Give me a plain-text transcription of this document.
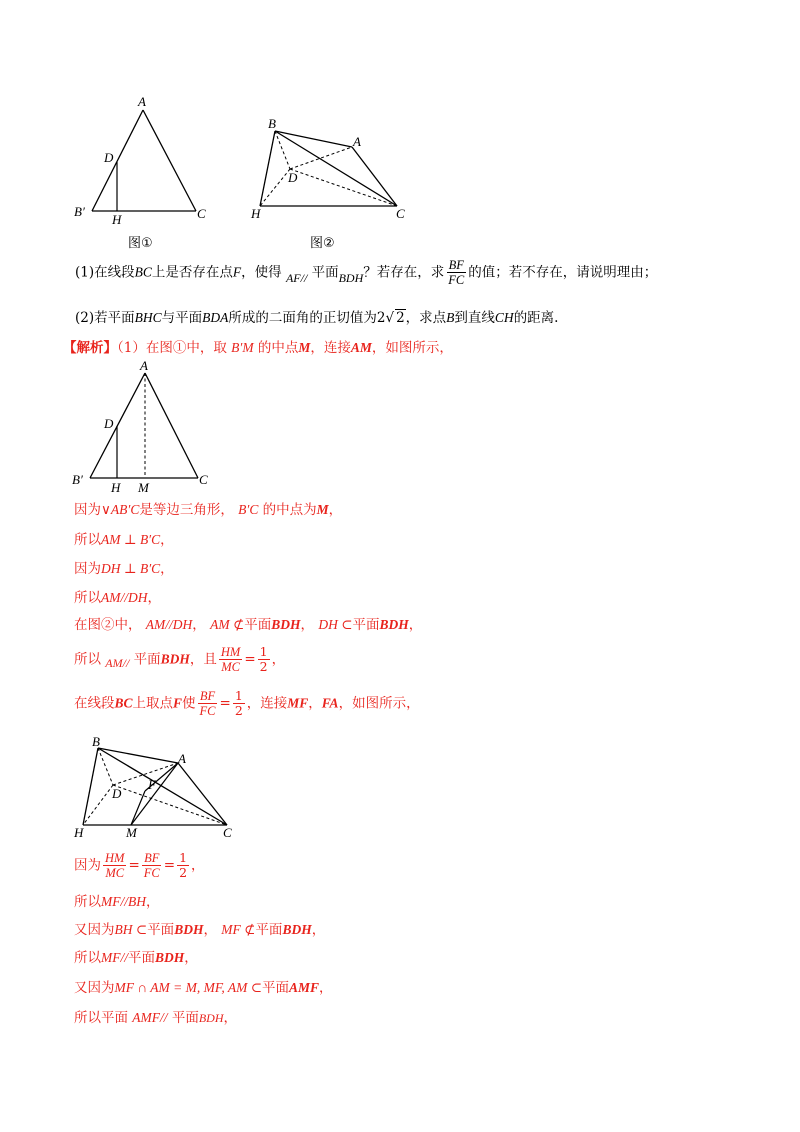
A
D
B′
H	C
图①
B
A
D
H	C
图②
(1)在线段BC上是否存在点F，使得 AF// 平面BDH？若存在，求 $\frac{BF}{FC}$ 的值；若不存在，请说明理由；
(2)若平面BHC与平面BDA所成的二面角的正切值为2√ 2，求点B到直线CH的距离.
【解析】（1）在图①中，取 B′M 的中点M，连接AM，如图所示，
A
D
B′
H M
C
因为∨AB′C是等边三角形， B′C 的中点为M，
所以AM ⊥ B′C，
因为DH ⊥ B′C，
所以AM//DH，
在图②中， AM//DH， AM ⊄平面BDH， DH ⊂平面BDH，
所以 AM// 平面BDH，且 $\frac{HM}{MC} = \frac{1}{2}$ ，
在线段BC上取点F使 $\frac{BF}{FC} = \frac{1}{2}$ ，连接MF，FA，如图所示，
B
A
D
F
H	M	C
因为 $\frac{HM}{MC} = \frac{BF}{FC} = \frac{1}{2}$ ，
所以MF//BH，
又因为BH ⊂平面BDH， MF ⊄平面BDH，
所以MF//平面BDH，
又因为MF ∩ AM = M, MF, AM ⊂平面AMF，
所以平面 AMF// 平面BDH，
